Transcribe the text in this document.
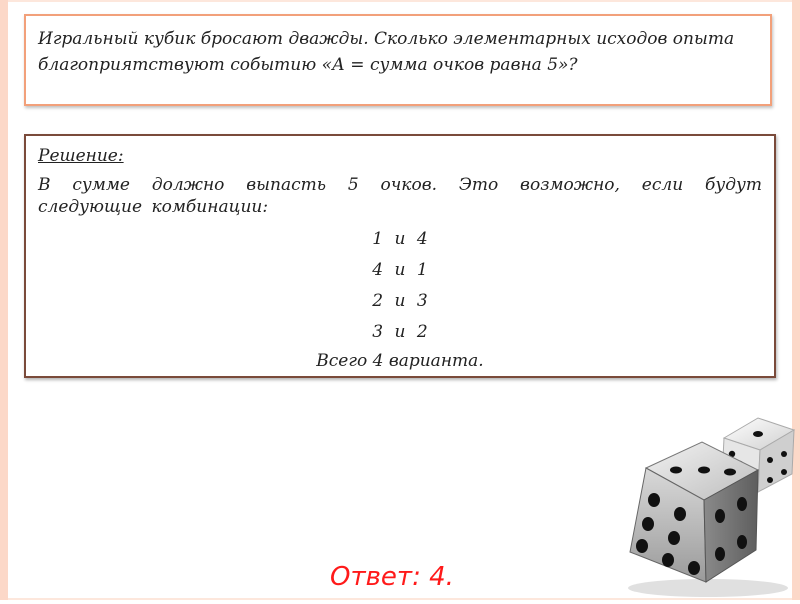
Игральный кубик бросают дважды. Сколько элементарных исходов опыта благоприятствуют событию «А = сумма очков равна 5»?
Решение:
В сумме должно выпасть 5 очков. Это возможно, если будут следующие комбинации:
1 и 4
4 и 1
2 и 3
3 и 2
Всего 4 варианта.
Ответ: 4.
